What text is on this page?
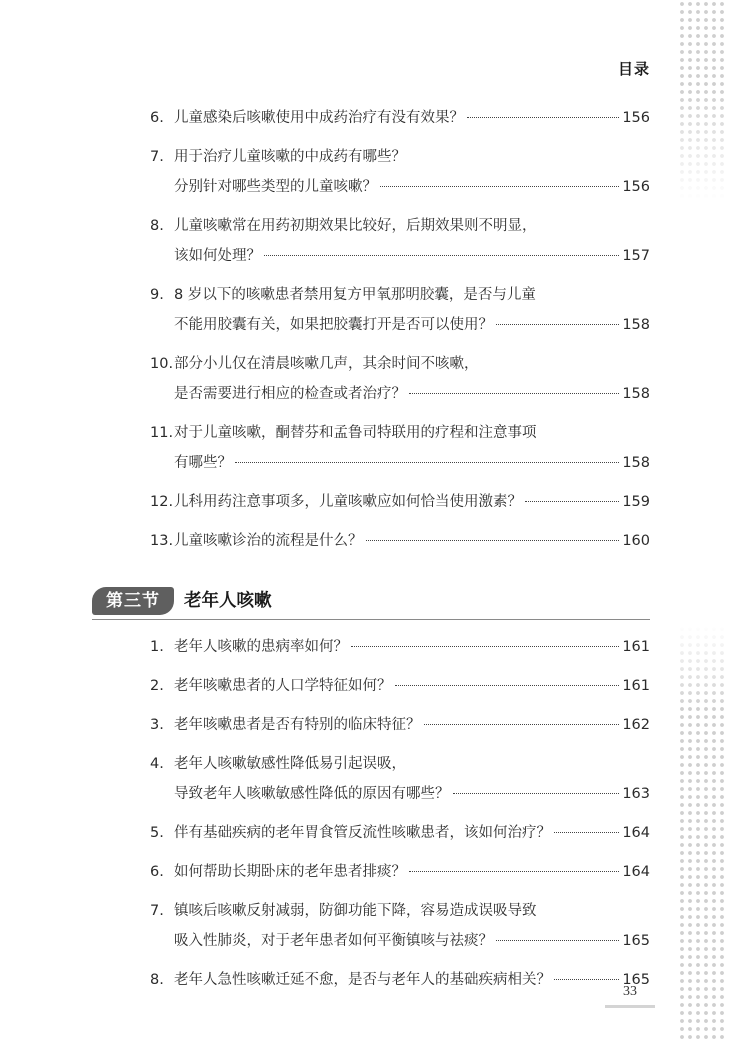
目录
6. 儿童感染后咳嗽使用中成药治疗有没有效果？	156
7. 用于治疗儿童咳嗽的中成药有哪些？
分别针对哪些类型的儿童咳嗽？	156
8. 儿童咳嗽常在用药初期效果比较好，后期效果则不明显，
该如何处理？	157
9. 8 岁以下的咳嗽患者禁用复方甲氧那明胶囊，是否与儿童
不能用胶囊有关，如果把胶囊打开是否可以使用？	158
10. 部分小儿仅在清晨咳嗽几声，其余时间不咳嗽，
是否需要进行相应的检查或者治疗？	158
11. 对于儿童咳嗽，酮替芬和孟鲁司特联用的疗程和注意事项
有哪些？	158
12. 儿科用药注意事项多，儿童咳嗽应如何恰当使用激素？	159
13. 儿童咳嗽诊治的流程是什么？	160
第三节	老年人咳嗽
1. 老年人咳嗽的患病率如何？	161
2. 老年咳嗽患者的人口学特征如何？	161
3. 老年咳嗽患者是否有特别的临床特征？	162
4. 老年人咳嗽敏感性降低易引起误吸，
导致老年人咳嗽敏感性降低的原因有哪些？	163
5. 伴有基础疾病的老年胃食管反流性咳嗽患者，该如何治疗？	164
6. 如何帮助长期卧床的老年患者排痰？	164
7. 镇咳后咳嗽反射减弱，防御功能下降，容易造成误吸导致
吸入性肺炎，对于老年患者如何平衡镇咳与祛痰？	165
8. 老年人急性咳嗽迁延不愈，是否与老年人的基础疾病相关？	165
33
